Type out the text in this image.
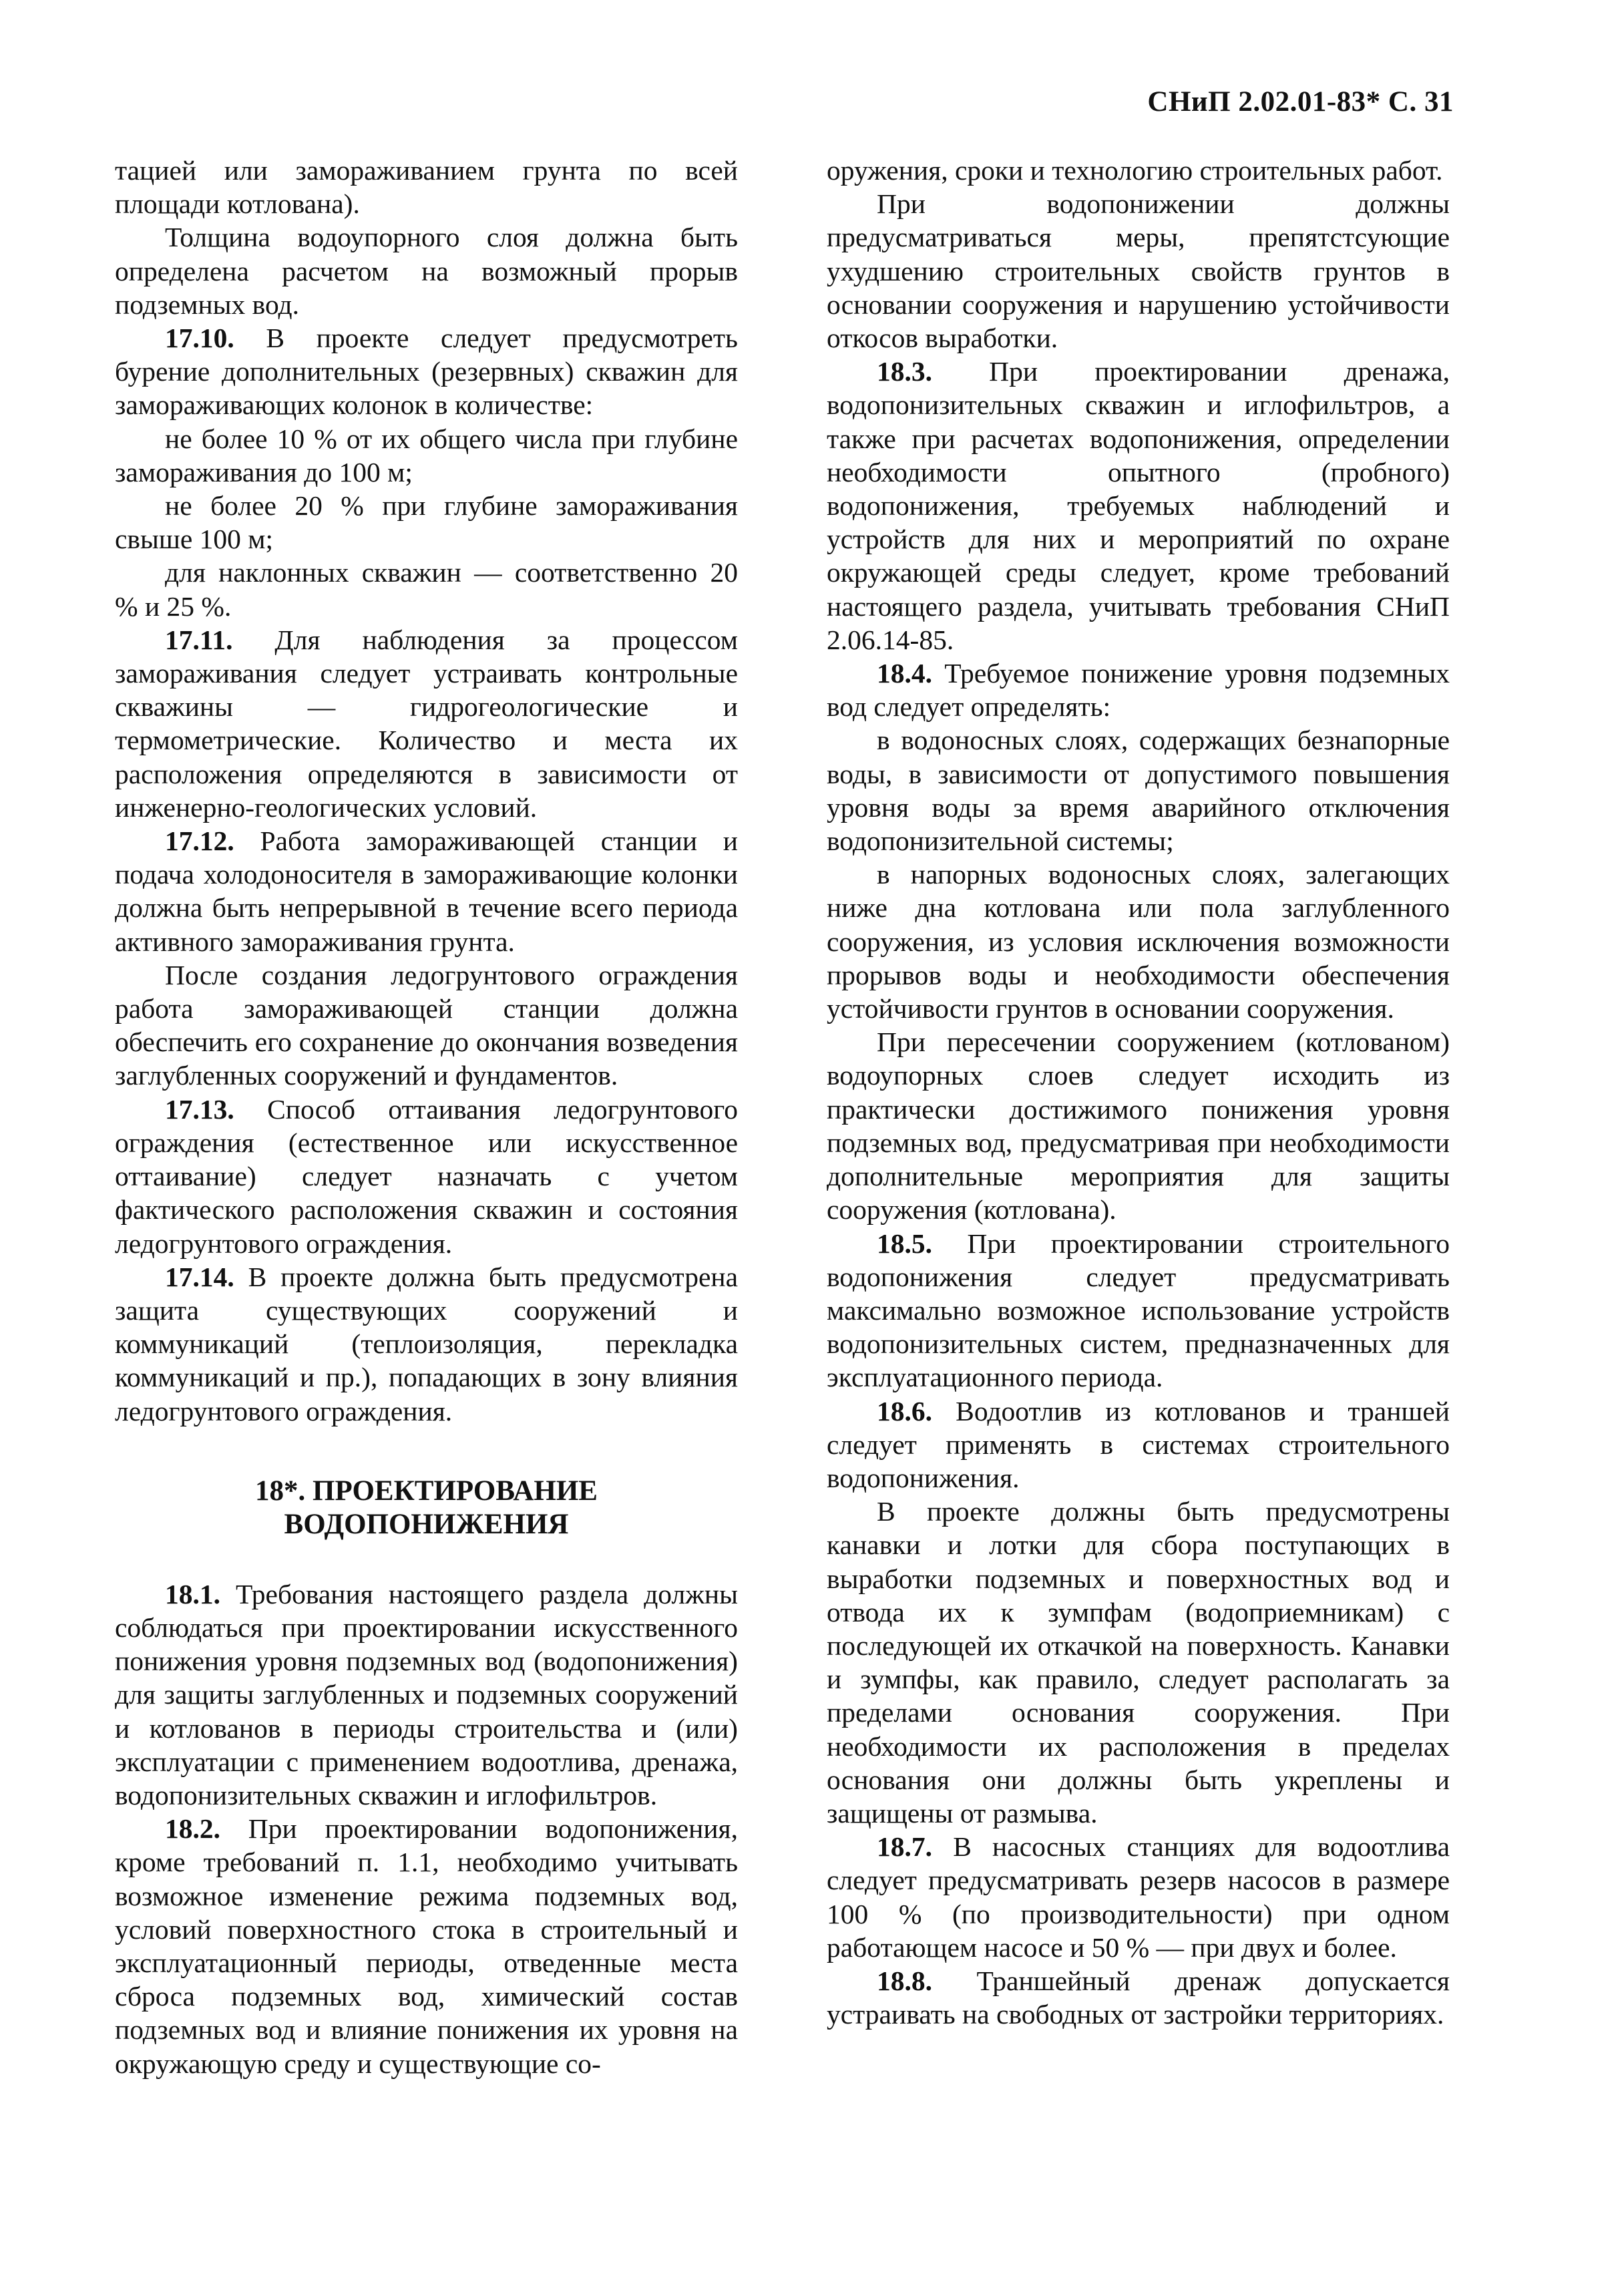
СНиП 2.02.01-83* С. 31

тацией или замораживанием грунта по всей площади котлована).

Толщина водоупорного слоя должна быть определена расчетом на возможный прорыв подземных вод.

17.10. В проекте следует предусмотреть бурение дополнительных (резервных) скважин для замораживающих колонок в количестве:

не более 10 % от их общего числа при глубине замораживания до 100 м;

не более 20 % при глубине замораживания свыше 100 м;

для наклонных скважин — соответственно 20 % и 25 %.

17.11. Для наблюдения за процессом замораживания следует устраивать контрольные скважины — гидрогеологические и термометрические. Количество и места их расположения определяются в зависимости от инженерно-геологических условий.

17.12. Работа замораживающей станции и подача холодоносителя в замораживающие колонки должна быть непрерывной в течение всего периода активного замораживания грунта.

После создания ледогрунтового ограждения работа замораживающей станции должна обеспечить его сохранение до окончания возведения заглубленных сооружений и фундаментов.

17.13. Способ оттаивания ледогрунтового ограждения (естественное или искусственное оттаивание) следует назначать с учетом фактического расположения скважин и состояния ледогрунтового ограждения.

17.14. В проекте должна быть предусмотрена защита существующих сооружений и коммуникаций (теплоизоляция, перекладка коммуникаций и пр.), попадающих в зону влияния ледогрунтового ограждения.

18*. ПРОЕКТИРОВАНИЕ
ВОДОПОНИЖЕНИЯ

18.1. Требования настоящего раздела должны соблюдаться при проектировании искусственного понижения уровня подземных вод (водопонижения) для защиты заглубленных и подземных сооружений и котлованов в периоды строительства и (или) эксплуатации с применением водоотлива, дренажа, водопонизительных скважин и иглофильтров.

18.2. При проектировании водопонижения, кроме требований п. 1.1, необходимо учитывать возможное изменение режима подземных вод, условий поверхностного стока в строительный и эксплуатационный периоды, отведенные места сброса подземных вод, химический состав подземных вод и влияние понижения их уровня на окружающую среду и существующие со-

оружения, сроки и технологию строительных работ.

При водопонижении должны предусматриваться меры, препятстсующие ухудшению строительных свойств грунтов в основании сооружения и нарушению устойчивости откосов выработки.

18.3. При проектировании дренажа, водопонизительных скважин и иглофильтров, а также при расчетах водопонижения, определении необходимости опытного (пробного) водопонижения, требуемых наблюдений и устройств для них и мероприятий по охране окружающей среды следует, кроме требований настоящего раздела, учитывать требования СНиП 2.06.14-85.

18.4. Требуемое понижение уровня подземных вод следует определять:

в водоносных слоях, содержащих безнапорные воды, в зависимости от допустимого повышения уровня воды за время аварийного отключения водопонизительной системы;

в напорных водоносных слоях, залегающих ниже дна котлована или пола заглубленного сооружения, из условия исключения возможности прорывов воды и необходимости обеспечения устойчивости грунтов в основании сооружения.

При пересечении сооружением (котлованом) водоупорных слоев следует исходить из практически достижимого понижения уровня подземных вод, предусматривая при необходимости дополнительные мероприятия для защиты сооружения (котлована).

18.5. При проектировании строительного водопонижения следует предусматривать максимально возможное использование устройств водопонизительных систем, предназначенных для эксплуатационного периода.

18.6. Водоотлив из котлованов и траншей следует применять в системах строительного водопонижения.

В проекте должны быть предусмотрены канавки и лотки для сбора поступающих в выработки подземных и поверхностных вод и отвода их к зумпфам (водоприемникам) с последующей их откачкой на поверхность. Канавки и зумпфы, как правило, следует располагать за пределами основания сооружения. При необходимости их расположения в пределах основания они должны быть укреплены и защищены от размыва.

18.7. В насосных станциях для водоотлива следует предусматривать резерв насосов в размере 100 % (по производительности) при одном работающем насосе и 50 % — при двух и более.

18.8. Траншейный дренаж допускается устраивать на свободных от застройки территориях.
